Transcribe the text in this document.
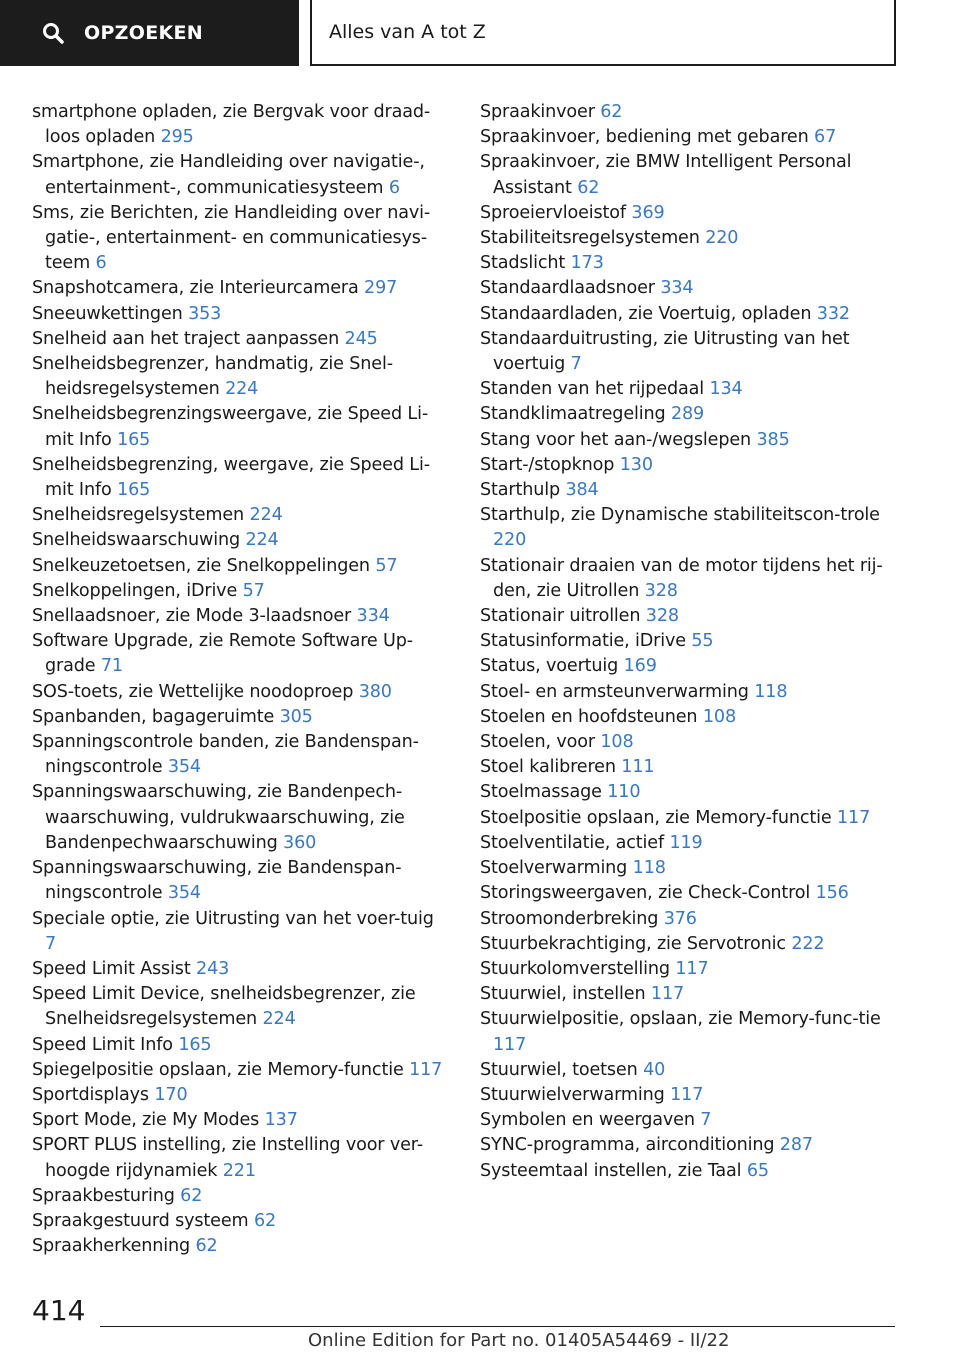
OPZOEKEN	Alles van A tot Z
smartphone opladen, zie Bergvak voor draad-loos opladen 295
Smartphone, zie Handleiding over navigatie-, entertainment-, communicatiesysteem 6
Sms, zie Berichten, zie Handleiding over navi-gatie-, entertainment- en communicatiesys-teem 6
Snapshotcamera, zie Interieurcamera 297
Sneeuwkettingen 353
Snelheid aan het traject aanpassen 245
Snelheidsbegrenzer, handmatig, zie Snel-heidsregelsystemen 224
Snelheidsbegrenzingsweergave, zie Speed Li-mit Info 165
Snelheidsbegrenzing, weergave, zie Speed Li-mit Info 165
Snelheidsregelsystemen 224
Snelheidswaarschuwing 224
Snelkeuzetoetsen, zie Snelkoppelingen 57
Snelkoppelingen, iDrive 57
Snellaadsnoer, zie Mode 3-laadsnoer 334
Software Upgrade, zie Remote Software Up-grade 71
SOS-toets, zie Wettelijke noodoproep 380
Spanbanden, bagageruimte 305
Spanningscontrole banden, zie Bandenspan-ningscontrole 354
Spanningswaarschuwing, zie Bandenpech-waarschuwing, vuldrukwaarschuwing, zie Bandenpechwaarschuwing 360
Spanningswaarschuwing, zie Bandenspan-ningscontrole 354
Speciale optie, zie Uitrusting van het voer-tuig 7
Speed Limit Assist 243
Speed Limit Device, snelheidsbegrenzer, zie Snelheidsregelsystemen 224
Speed Limit Info 165
Spiegelpositie opslaan, zie Memory-functie 117
Sportdisplays 170
Sport Mode, zie My Modes 137
SPORT PLUS instelling, zie Instelling voor ver-hoogde rijdynamiek 221
Spraakbesturing 62
Spraakgestuurd systeem 62
Spraakherkenning 62
Spraakinvoer 62
Spraakinvoer, bediening met gebaren 67
Spraakinvoer, zie BMW Intelligent Personal Assistant 62
Sproeiervloeistof 369
Stabiliteitsregelsystemen 220
Stadslicht 173
Standaardlaadsnoer 334
Standaardladen, zie Voertuig, opladen 332
Standaarduitrusting, zie Uitrusting van het voertuig 7
Standen van het rijpedaal 134
Standklimaatregeling 289
Stang voor het aan-/wegslepen 385
Start-/stopknop 130
Starthulp 384
Starthulp, zie Dynamische stabiliteitscon-trole 220
Stationair draaien van de motor tijdens het rij-den, zie Uitrollen 328
Stationair uitrollen 328
Statusinformatie, iDrive 55
Status, voertuig 169
Stoel- en armsteunverwarming 118
Stoelen en hoofdsteunen 108
Stoelen, voor 108
Stoel kalibreren 111
Stoelmassage 110
Stoelpositie opslaan, zie Memory-functie 117
Stoelventilatie, actief 119
Stoelverwarming 118
Storingsweergaven, zie Check-Control 156
Stroomonderbreking 376
Stuurbekrachtiging, zie Servotronic 222
Stuurkolomverstelling 117
Stuurwiel, instellen 117
Stuurwielpositie, opslaan, zie Memory-func-tie 117
Stuurwiel, toetsen 40
Stuurwielverwarming 117
Symbolen en weergaven 7
SYNC-programma, airconditioning 287
Systeemtaal instellen, zie Taal 65
414
Online Edition for Part no. 01405A54469 - II/22
